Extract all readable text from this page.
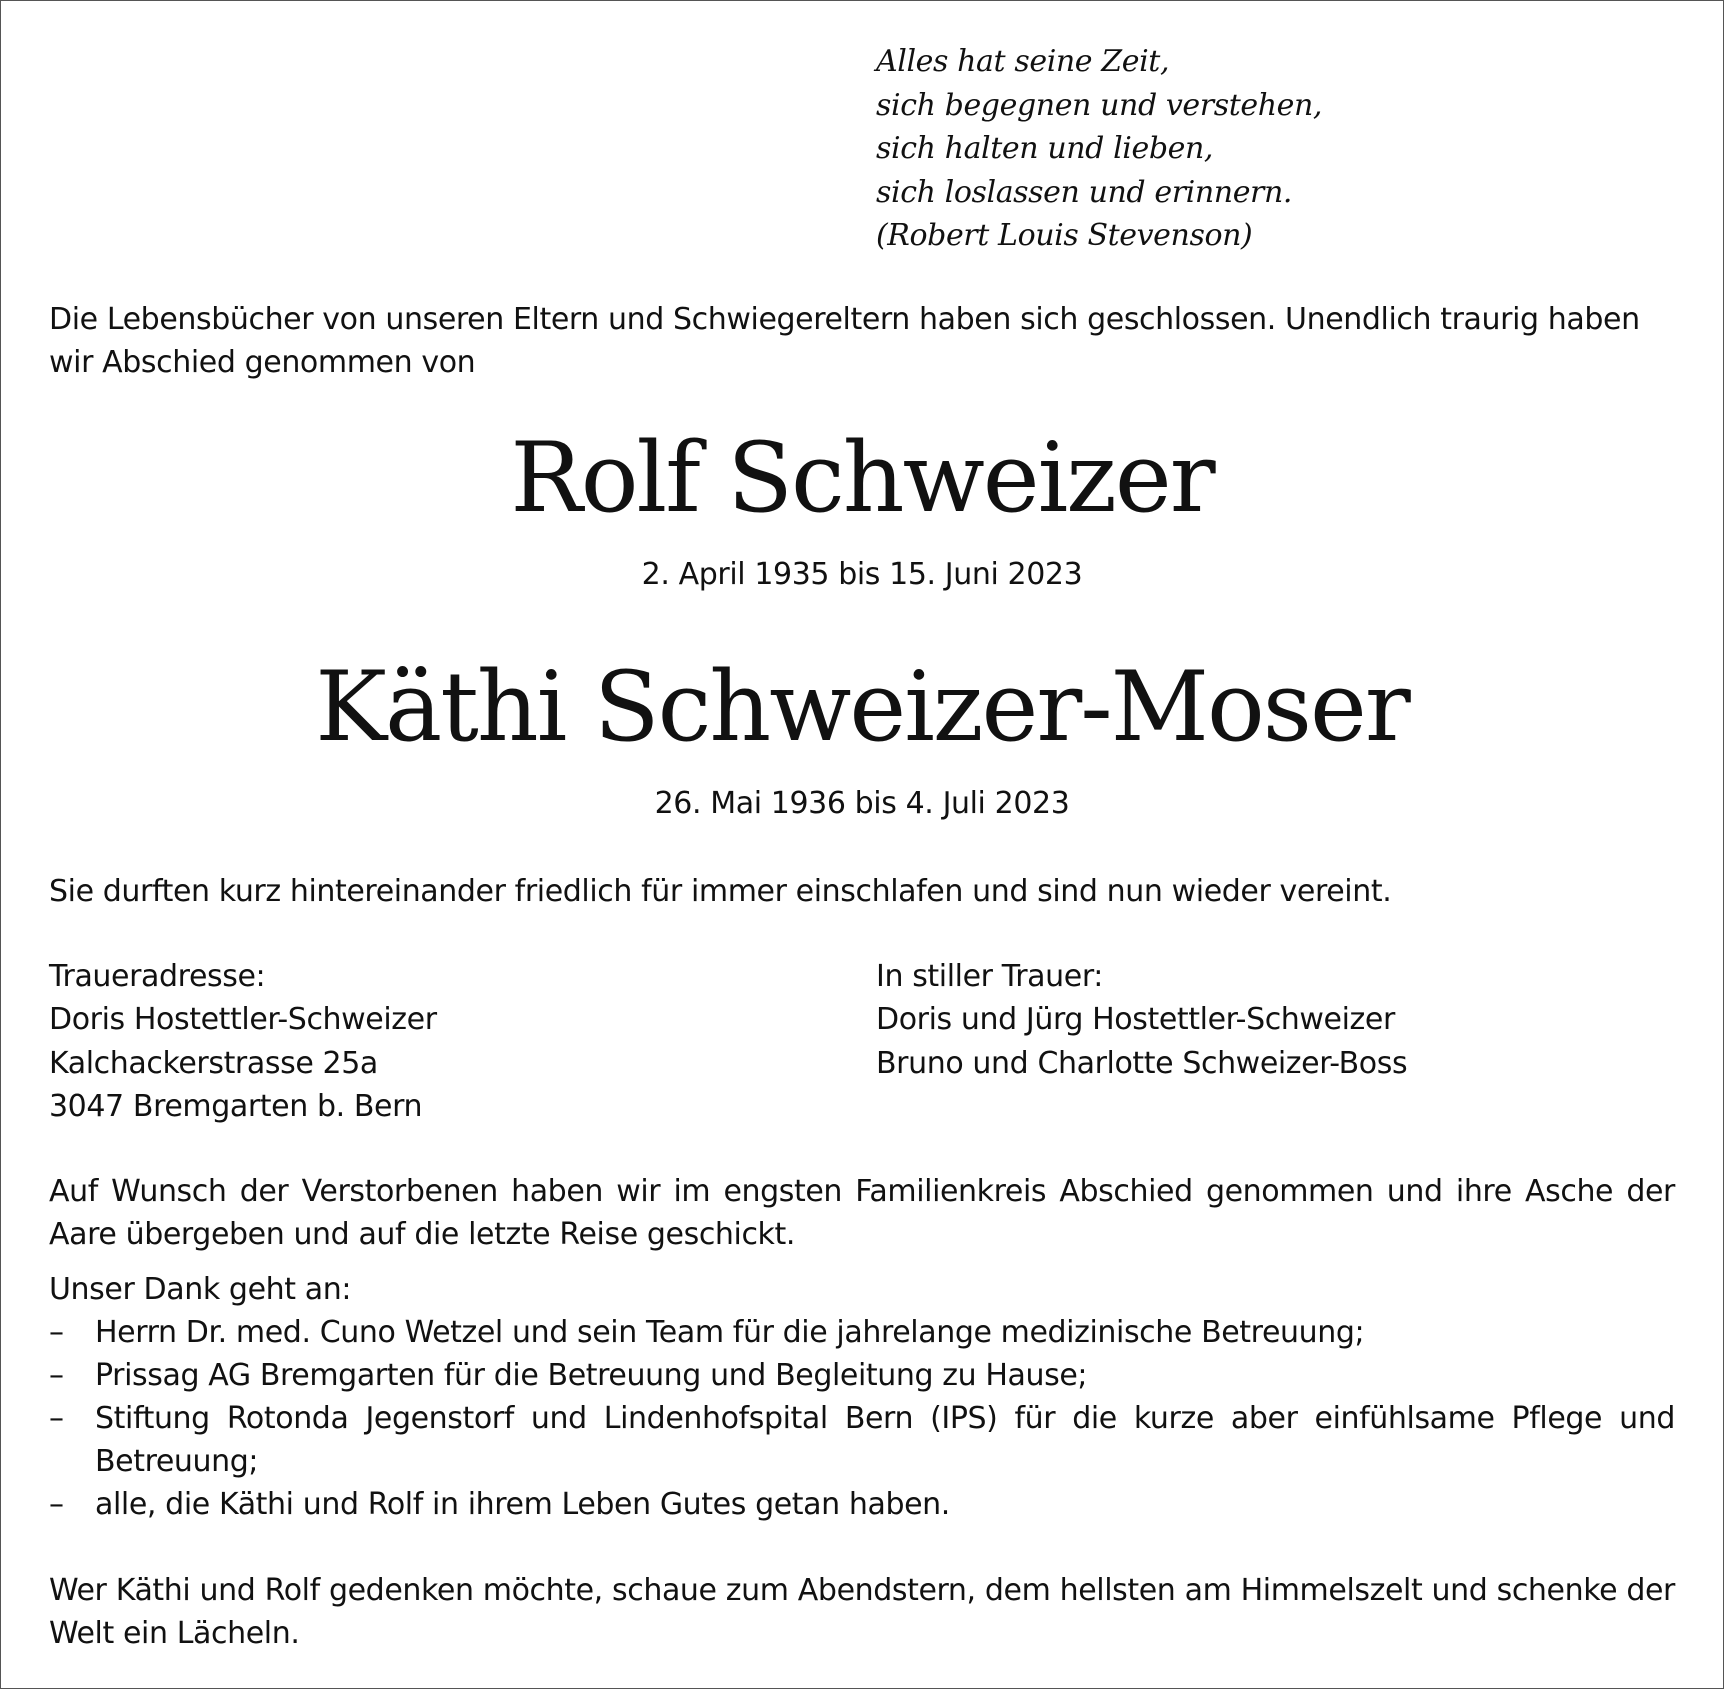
Alles hat seine Zeit,
sich begegnen und verstehen,
sich halten und lieben,
sich loslassen und erinnern.
(Robert Louis Stevenson)
Die Lebensbücher von unseren Eltern und Schwiegereltern haben sich geschlossen. Unendlich traurig haben wir Abschied genommen von
Rolf Schweizer
2. April 1935 bis 15. Juni 2023
Käthi Schweizer-Moser
26. Mai 1936 bis 4. Juli 2023
Sie durften kurz hintereinander friedlich für immer einschlafen und sind nun wieder vereint.
Traueradresse:
Doris Hostettler-Schweizer
Kalchackerstrasse 25a
3047 Bremgarten b. Bern
In stiller Trauer:
Doris und Jürg Hostettler-Schweizer
Bruno und Charlotte Schweizer-Boss
Auf Wunsch der Verstorbenen haben wir im engsten Familienkreis Abschied genommen und ihre Asche der Aare übergeben und auf die letzte Reise geschickt.
Unser Dank geht an:
– Herrn Dr. med. Cuno Wetzel und sein Team für die jahrelange medizinische Betreuung;
– Prissag AG Bremgarten für die Betreuung und Begleitung zu Hause;
– Stiftung Rotonda Jegenstorf und Lindenhofspital Bern (IPS) für die kurze aber einfühlsame Pflege und Betreuung;
– alle, die Käthi und Rolf in ihrem Leben Gutes getan haben.
Wer Käthi und Rolf gedenken möchte, schaue zum Abendstern, dem hellsten am Himmelszelt und schenke der Welt ein Lächeln.
